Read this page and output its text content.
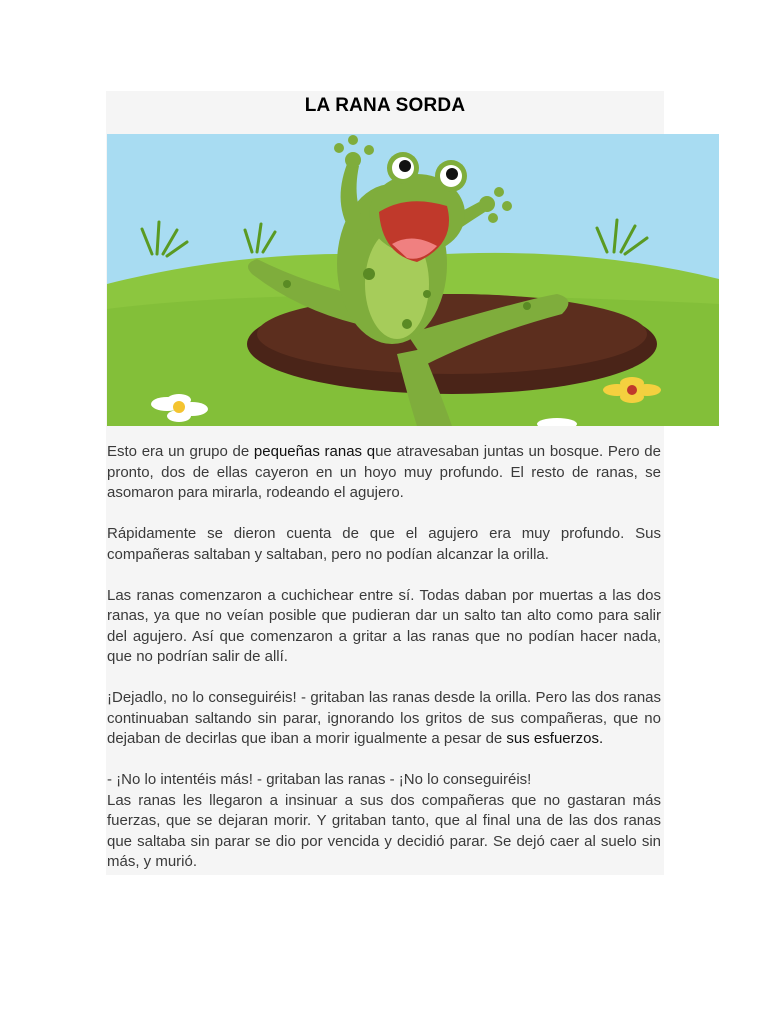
LA RANA SORDA

Esto era un grupo de pequeñas ranas que atravesaban juntas un bosque. Pero de pronto, dos de ellas cayeron en un hoyo muy profundo. El resto de ranas, se asomaron para mirarla, rodeando el agujero.

Rápidamente se dieron cuenta de que el agujero era muy profundo. Sus compañeras saltaban y saltaban, pero no podían alcanzar la orilla.

Las ranas comenzaron a cuchichear entre sí. Todas daban por muertas a las dos ranas, ya que no veían posible que pudieran dar un salto tan alto como para salir del agujero. Así que comenzaron a gritar a las ranas que no podían hacer nada, que no podrían salir de allí.

¡Dejadlo, no lo conseguiréis! - gritaban las ranas desde la orilla. Pero las dos ranas continuaban saltando sin parar, ignorando los gritos de sus compañeras, que no dejaban de decirlas que iban a morir igualmente a pesar de sus esfuerzos.

- ¡No lo intentéis más! - gritaban las ranas - ¡No lo conseguiréis!

Las ranas les llegaron a insinuar a sus dos compañeras que no gastaran más fuerzas, que se dejaran morir. Y gritaban tanto, que al final una de las dos ranas que saltaba sin parar se dio por vencida y decidió parar. Se dejó caer al suelo sin más, y murió.
